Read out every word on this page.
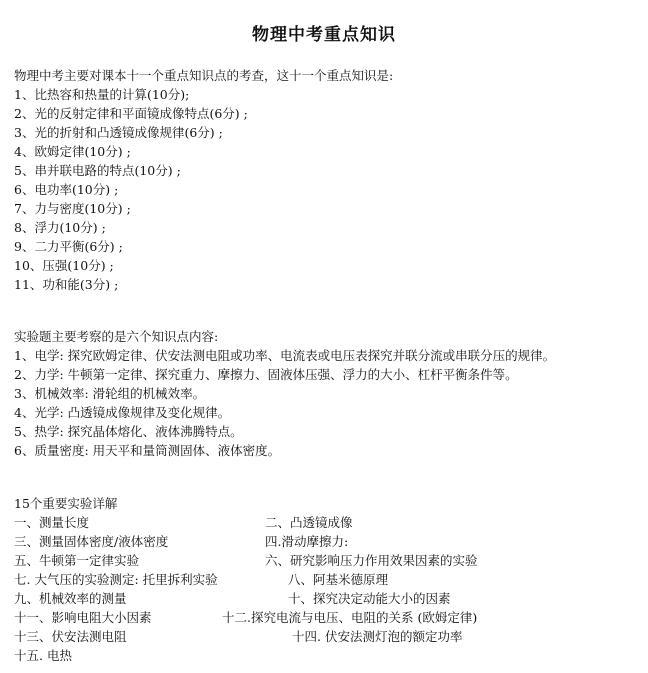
物理中考重点知识
物理中考主要对课本十一个重点知识点的考查，这十一个重点知识是:
1、比热容和热量的计算(10分);
2、光的反射定律和平面镜成像特点(6分) ;
3、光的折射和凸透镜成像规律(6分) ;
4、欧姆定律(10分) ;
5、串并联电路的特点(10分) ;
6、电功率(10分) ;
7、力与密度(10分) ;
8、浮力(10分) ;
9、二力平衡(6分) ;
10、压强(10分) ;
11、功和能(3分) ;
实验题主要考察的是六个知识点内容:
1、电学: 探究欧姆定律、伏安法测电阻或功率、电流表或电压表探究并联分流或串联分压的规律。
2、力学: 牛顿第一定律、探究重力、摩擦力、固液体压强、浮力的大小、杠杆平衡条件等。
3、机械效率: 滑轮组的机械效率。
4、光学: 凸透镜成像规律及变化规律。
5、热学: 探究晶体熔化、液体沸腾特点。
6、质量密度: 用天平和量筒测固体、液体密度。
15个重要实验详解
一、测量长度	二、凸透镜成像
三、测量固体密度/液体密度	四.滑动摩擦力:
五、牛顿第一定律实验	六、研究影响压力作用效果因素的实验
七. 大气压的实验测定: 托里拆利实验	八、阿基米德原理
九、机械效率的测量	十、探究决定动能大小的因素
十一、影响电阻大小因素	十二.探究电流与电压、电阻的关系 (欧姆定律)
十三、伏安法测电阻	十四. 伏安法测灯泡的额定功率
十五. 电热
